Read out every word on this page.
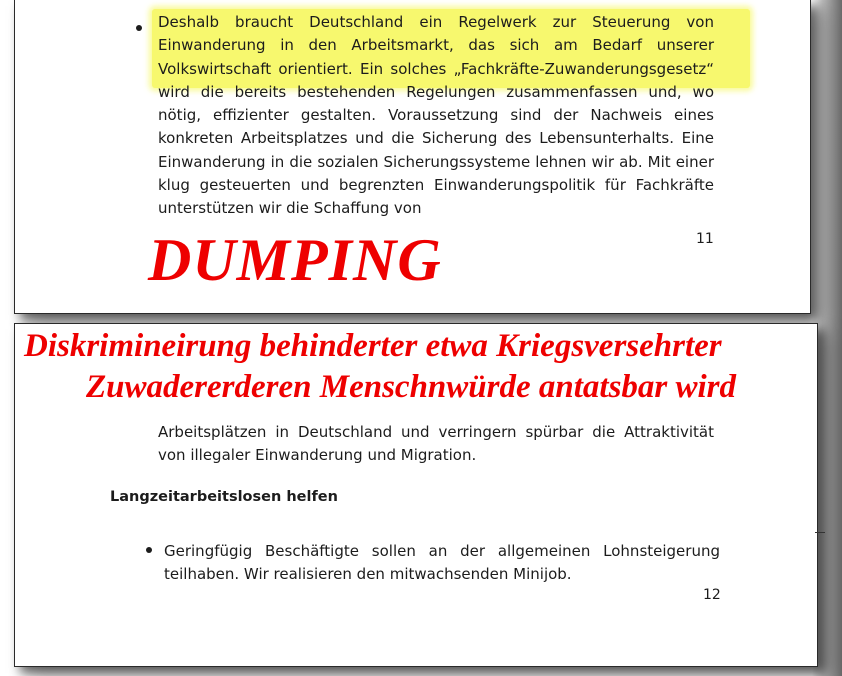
Deshalb braucht Deutschland ein Regelwerk zur Steuerung von Einwanderung in den Arbeitsmarkt, das sich am Bedarf unserer Volkswirtschaft orientiert. Ein solches „Fachkräfte-Zuwanderungsgesetz“ wird die bereits bestehenden Regelungen zusammenfassen und, wo nötig, effizienter gestalten. Voraussetzung sind der Nachweis eines konkreten Arbeitsplatzes und die Sicherung des Lebensunterhalts. Eine Einwanderung in die sozialen Sicherungssysteme lehnen wir ab. Mit einer klug gesteuerten und begrenzten Einwanderungspolitik für Fachkräfte unterstützen wir die Schaffung von
11
DUMPING
Diskrimineirung behinderter etwa Kriegsversehrter
Zuwadererderen Menschnwürde antatsbar wird
Arbeitsplätzen in Deutschland und verringern spürbar die Attraktivität von illegaler Einwanderung und Migration.
Langzeitarbeitslosen helfen
Geringfügig Beschäftigte sollen an der allgemeinen Lohnsteigerung teilhaben. Wir realisieren den mitwachsenden Minijob.
12
